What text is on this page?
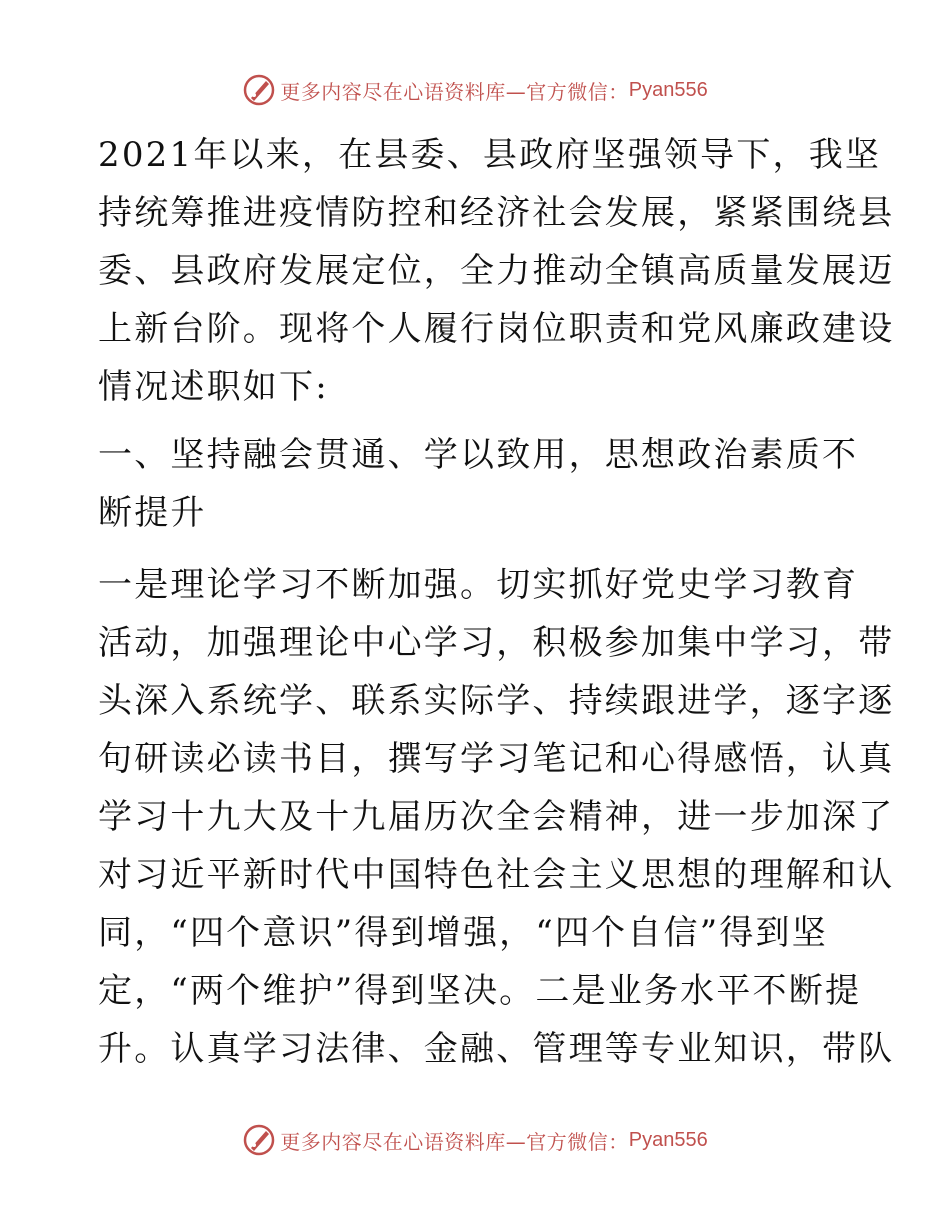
更多内容尽在心语资料库—官方微信： Pyan556

2021年以来，在县委、县政府坚强领导下，我坚
持统筹推进疫情防控和经济社会发展，紧紧围绕县
委、县政府发展定位，全力推动全镇高质量发展迈
上新台阶。现将个人履行岗位职责和党风廉政建设
情况述职如下:

一、坚持融会贯通、学以致用，思想政治素质不
断提升

一是理论学习不断加强。切实抓好党史学习教育
活动，加强理论中心学习，积极参加集中学习，带
头深入系统学、联系实际学、持续跟进学，逐字逐
句研读必读书目，撰写学习笔记和心得感悟，认真
学习十九大及十九届历次全会精神，进一步加深了
对习近平新时代中国特色社会主义思想的理解和认
同，“四个意识”得到增强，“四个自信”得到坚
定，“两个维护”得到坚决。二是业务水平不断提
升。认真学习法律、金融、管理等专业知识，带队

更多内容尽在心语资料库—官方微信： Pyan556
